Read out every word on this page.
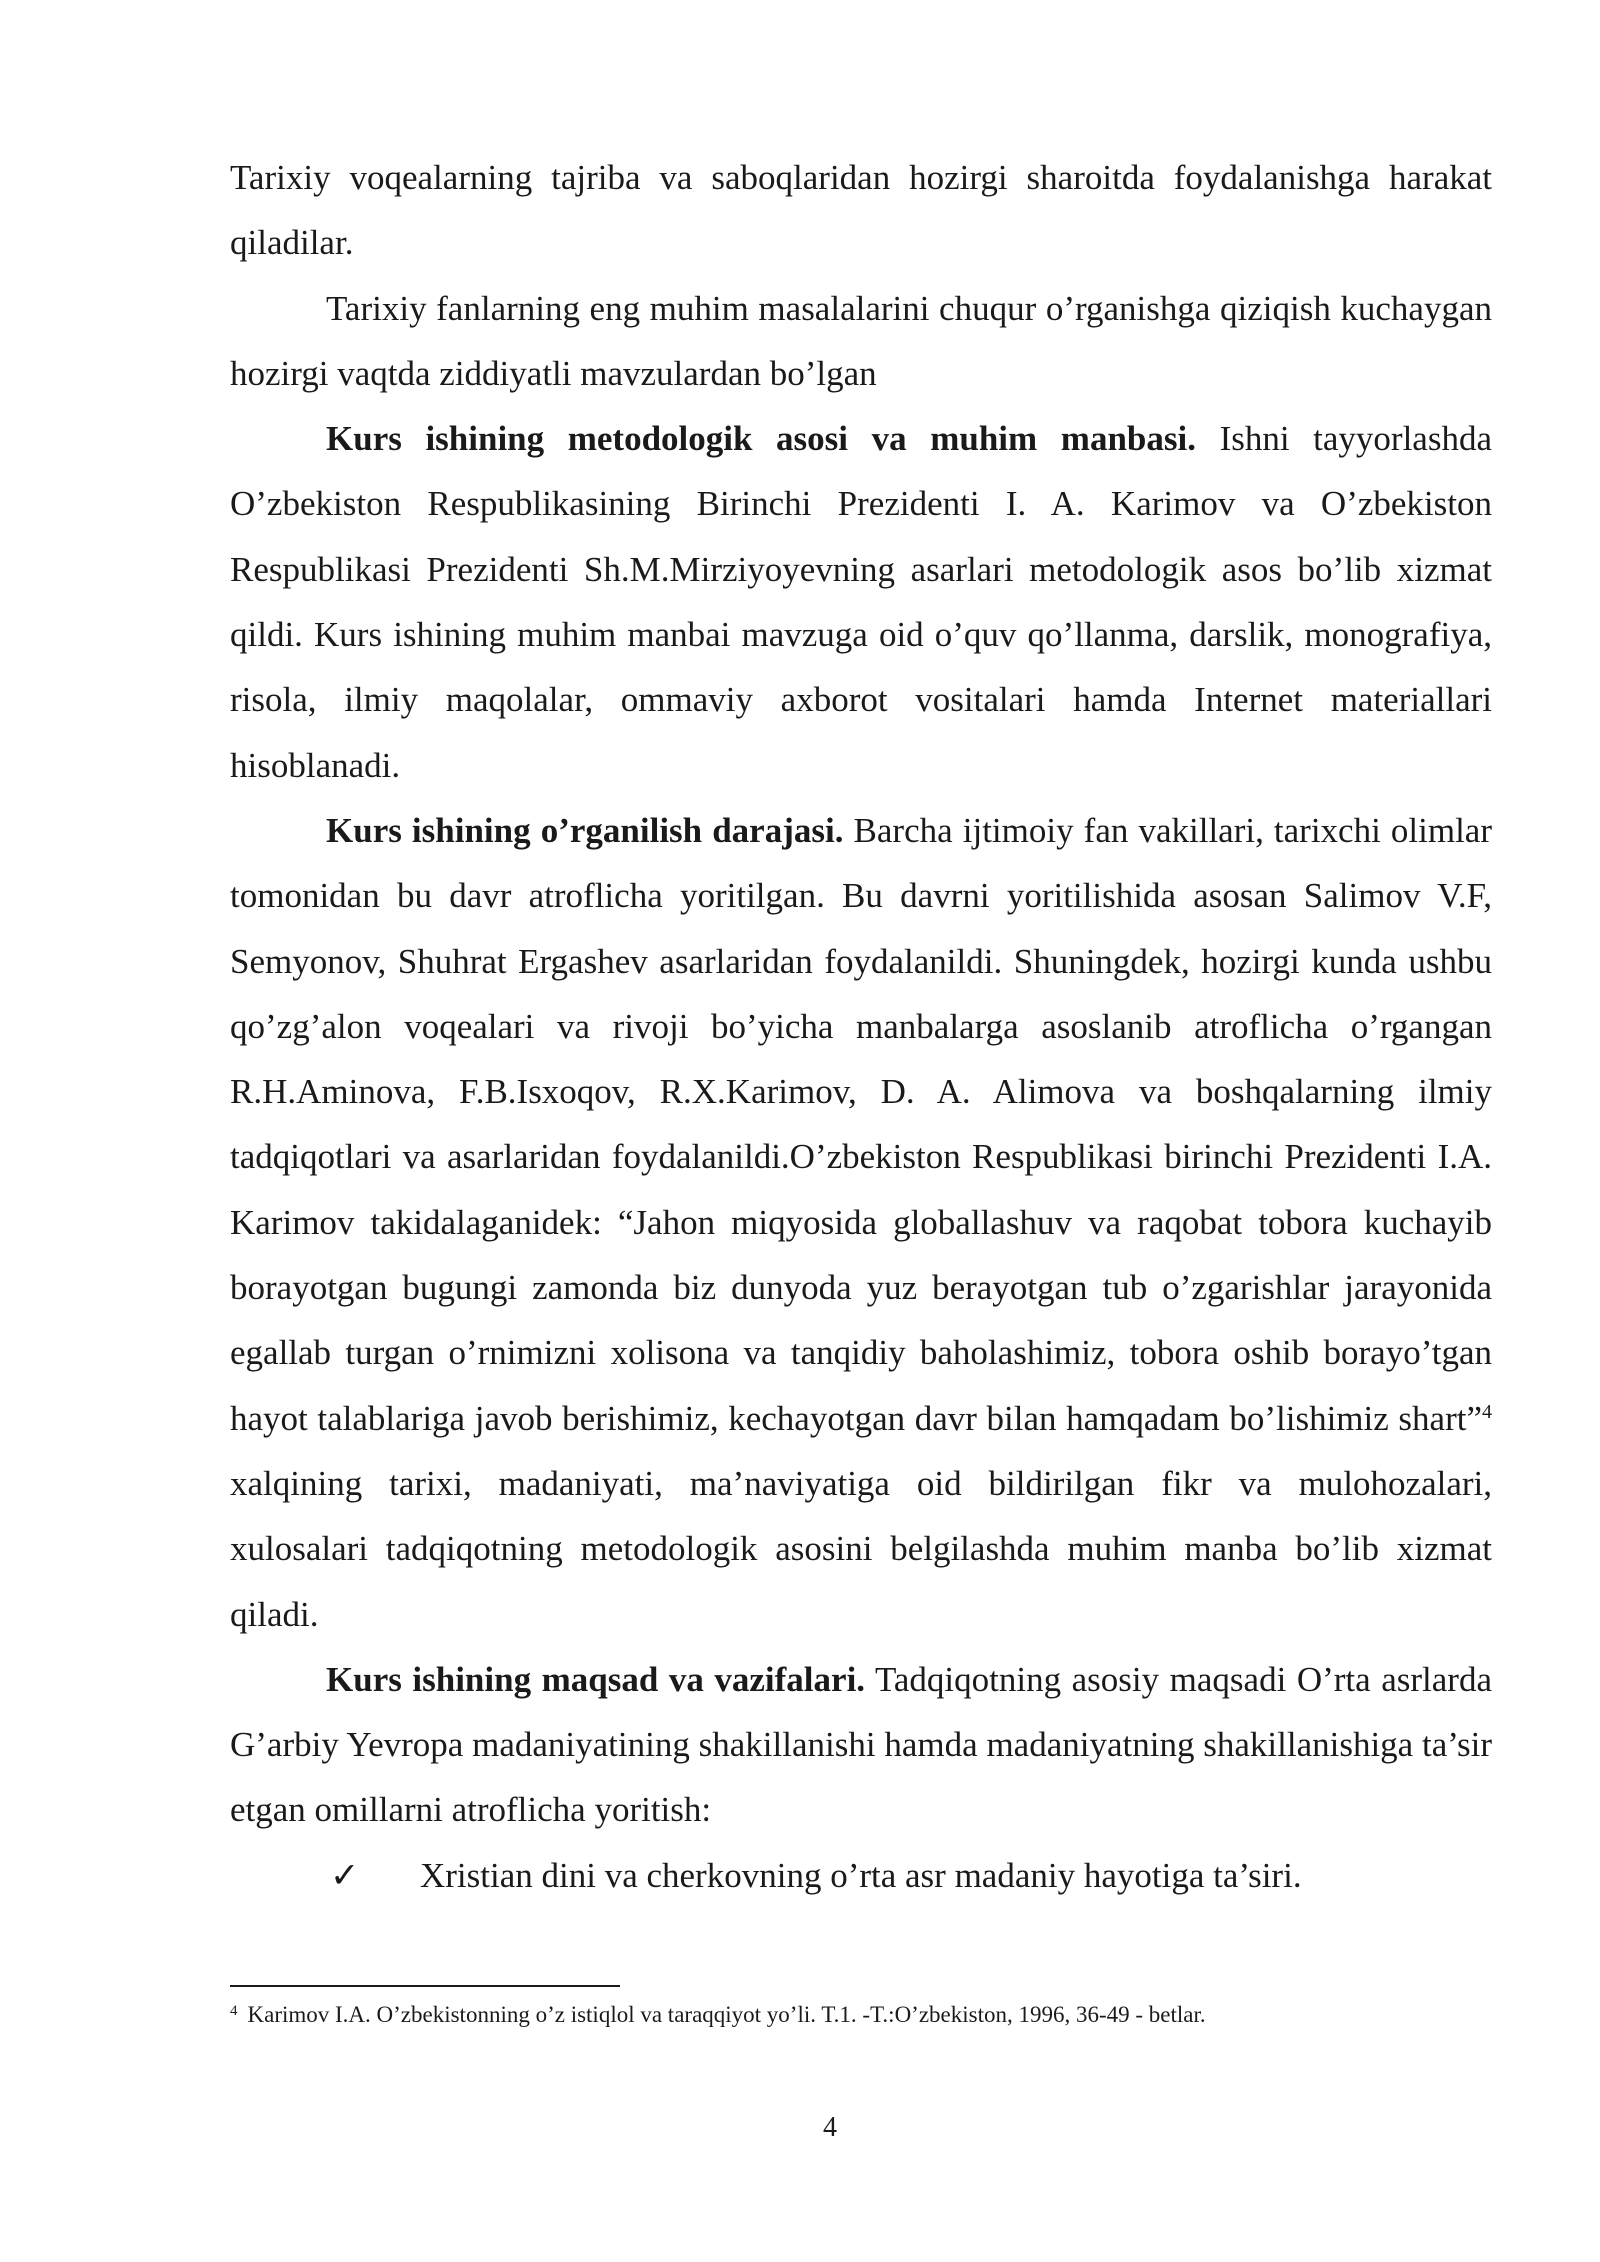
Tarixiy voqealarning tajriba va saboqlaridan hozirgi sharoitda foydalanishga harakat qiladilar.

Tarixiy fanlarning eng muhim masalalarini chuqur o’rganishga qiziqish kuchaygan hozirgi vaqtda ziddiyatli mavzulardan bo’lgan

Kurs ishining metodologik asosi va muhim manbasi. Ishni tayyorlashda O’zbekiston Respublikasining Birinchi Prezidenti I. A. Karimov va O’zbekiston Respublikasi Prezidenti Sh.M.Mirziyoyevning asarlari metodologik asos bo’lib xizmat qildi. Kurs ishining muhim manbai mavzuga oid o’quv qo’llanma, darslik, monografiya, risola, ilmiy maqolalar, ommaviy axborot vositalari hamda Internet materiallari hisoblanadi.

Kurs ishining o’rganilish darajasi. Barcha ijtimoiy fan vakillari, tarixchi olimlar tomonidan bu davr atroflicha yoritilgan. Bu davrni yoritilishida asosan Salimov V.F, Semyonov, Shuhrat Ergashev asarlaridan foydalanildi. Shuningdek, hozirgi kunda ushbu qo’zg’alon voqealari va rivoji bo’yicha manbalarga asoslanib atroflicha o’rgangan R.H.Aminova, F.B.Isxoqov, R.X.Karimov, D. A. Alimova va boshqalarning ilmiy tadqiqotlari va asarlaridan foydalanildi.O’zbekiston Respublikasi birinchi Prezidenti I.A. Karimov takidalaganidek: “Jahon miqyosida globallashuv va raqobat tobora kuchayib borayotgan bugungi zamonda biz dunyoda yuz berayotgan tub o’zgarishlar jarayonida egallab turgan o’rnimizni xolisona va tanqidiy baholashimiz, tobora oshib borayo’tgan hayot talablariga javob berishimiz, kechayotgan davr bilan hamqadam bo’lishimiz shart”$^4$ xalqining tarixi, madaniyati, ma’naviyatiga oid bildirilgan fikr va mulohozalari, xulosalari tadqiqotning metodologik asosini belgilashda muhim manba bo’lib xizmat qiladi.

Kurs ishining maqsad va vazifalari. Tadqiqotning asosiy maqsadi O’rta asrlarda G’arbiy Yevropa madaniyatining shakillanishi hamda madaniyatning shakillanishiga ta’sir etgan omillarni atroflicha yoritish:

✓	Xristian dini va cherkovning o’rta asr madaniy hayotiga ta’siri.
$^4$ Karimov I.A. O’zbekistonning o’z istiqlol va taraqqiyot yo’li. T.1. -T.:O’zbekiston, 1996, 36-49 - betlar.
4
